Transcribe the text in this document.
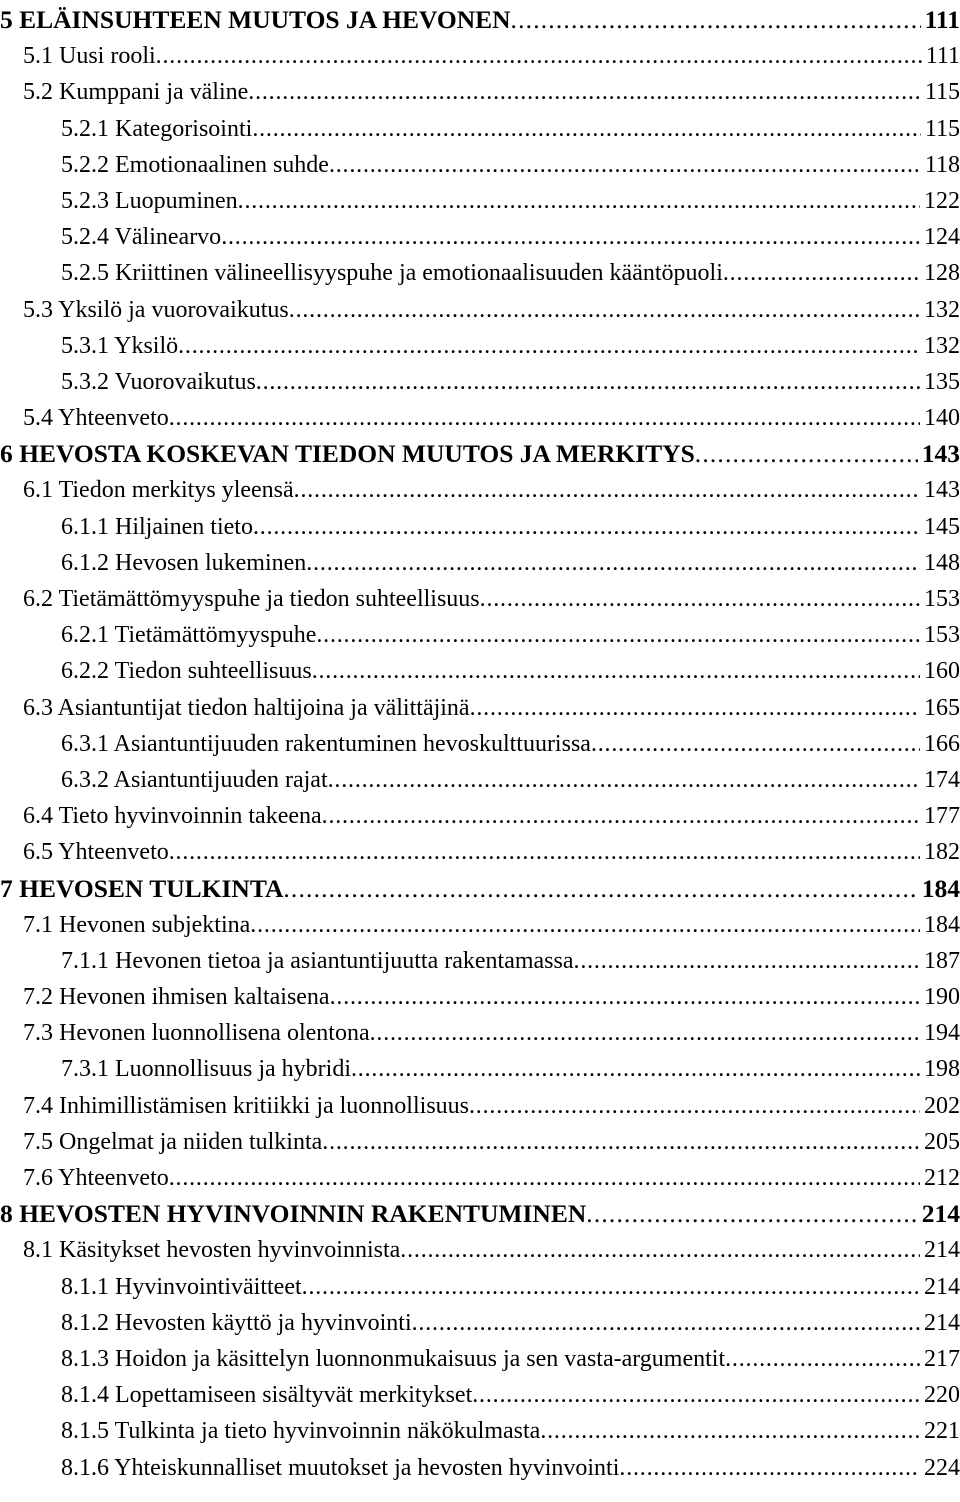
5 ELÄINSUHTEEN MUUTOS JA HEVONEN . . .	111
5.1 Uusi rooli . . .	111
5.2 Kumppani ja väline . . .	115
5.2.1 Kategorisointi . . .	115
5.2.2 Emotionaalinen suhde . . .	118
5.2.3 Luopuminen . . .	122
5.2.4 Välinearvo . . .	124
5.2.5 Kriittinen välineellisyyspuhe ja emotionaalisuuden kääntöpuoli . . .	128
5.3 Yksilö ja vuorovaikutus . . .	132
5.3.1 Yksilö . . .	132
5.3.2 Vuorovaikutus . . .	135
5.4 Yhteenveto . . .	140
6 HEVOSTA KOSKEVAN TIEDON MUUTOS JA MERKITYS . . .	143
6.1 Tiedon merkitys yleensä . . .	143
6.1.1 Hiljainen tieto . . .	145
6.1.2 Hevosen lukeminen . . .	148
6.2 Tietämättömyyspuhe ja tiedon suhteellisuus . . .	153
6.2.1 Tietämättömyyspuhe . . .	153
6.2.2 Tiedon suhteellisuus . . .	160
6.3 Asiantuntijat tiedon haltijoina ja välittäjinä . . .	165
6.3.1 Asiantuntijuuden rakentuminen hevoskulttuurissa . . .	166
6.3.2 Asiantuntijuuden rajat . . .	174
6.4 Tieto hyvinvoinnin takeena . . .	177
6.5 Yhteenveto . . .	182
7 HEVOSEN TULKINTA . . .	184
7.1 Hevonen subjektina . . .	184
7.1.1 Hevonen tietoa ja asiantuntijuutta rakentamassa . . .	187
7.2 Hevonen ihmisen kaltaisena . . .	190
7.3 Hevonen luonnollisena olentona . . .	194
7.3.1 Luonnollisuus ja hybridi . . .	198
7.4 Inhimillistämisen kritiikki ja luonnollisuus . . .	202
7.5 Ongelmat ja niiden tulkinta . . .	205
7.6 Yhteenveto . . .	212
8 HEVOSTEN HYVINVOINNIN RAKENTUMINEN . . .	214
8.1 Käsitykset hevosten hyvinvoinnista . . .	214
8.1.1 Hyvinvointiväitteet . . .	214
8.1.2 Hevosten käyttö ja hyvinvointi . . .	214
8.1.3 Hoidon ja käsittelyn luonnonmukaisuus ja sen vasta-argumentit . . .	217
8.1.4 Lopettamiseen sisältyvät merkitykset . . .	220
8.1.5 Tulkinta ja tieto hyvinvoinnin näkökulmasta . . .	221
8.1.6 Yhteiskunnalliset muutokset ja hevosten hyvinvointi . . .	224
